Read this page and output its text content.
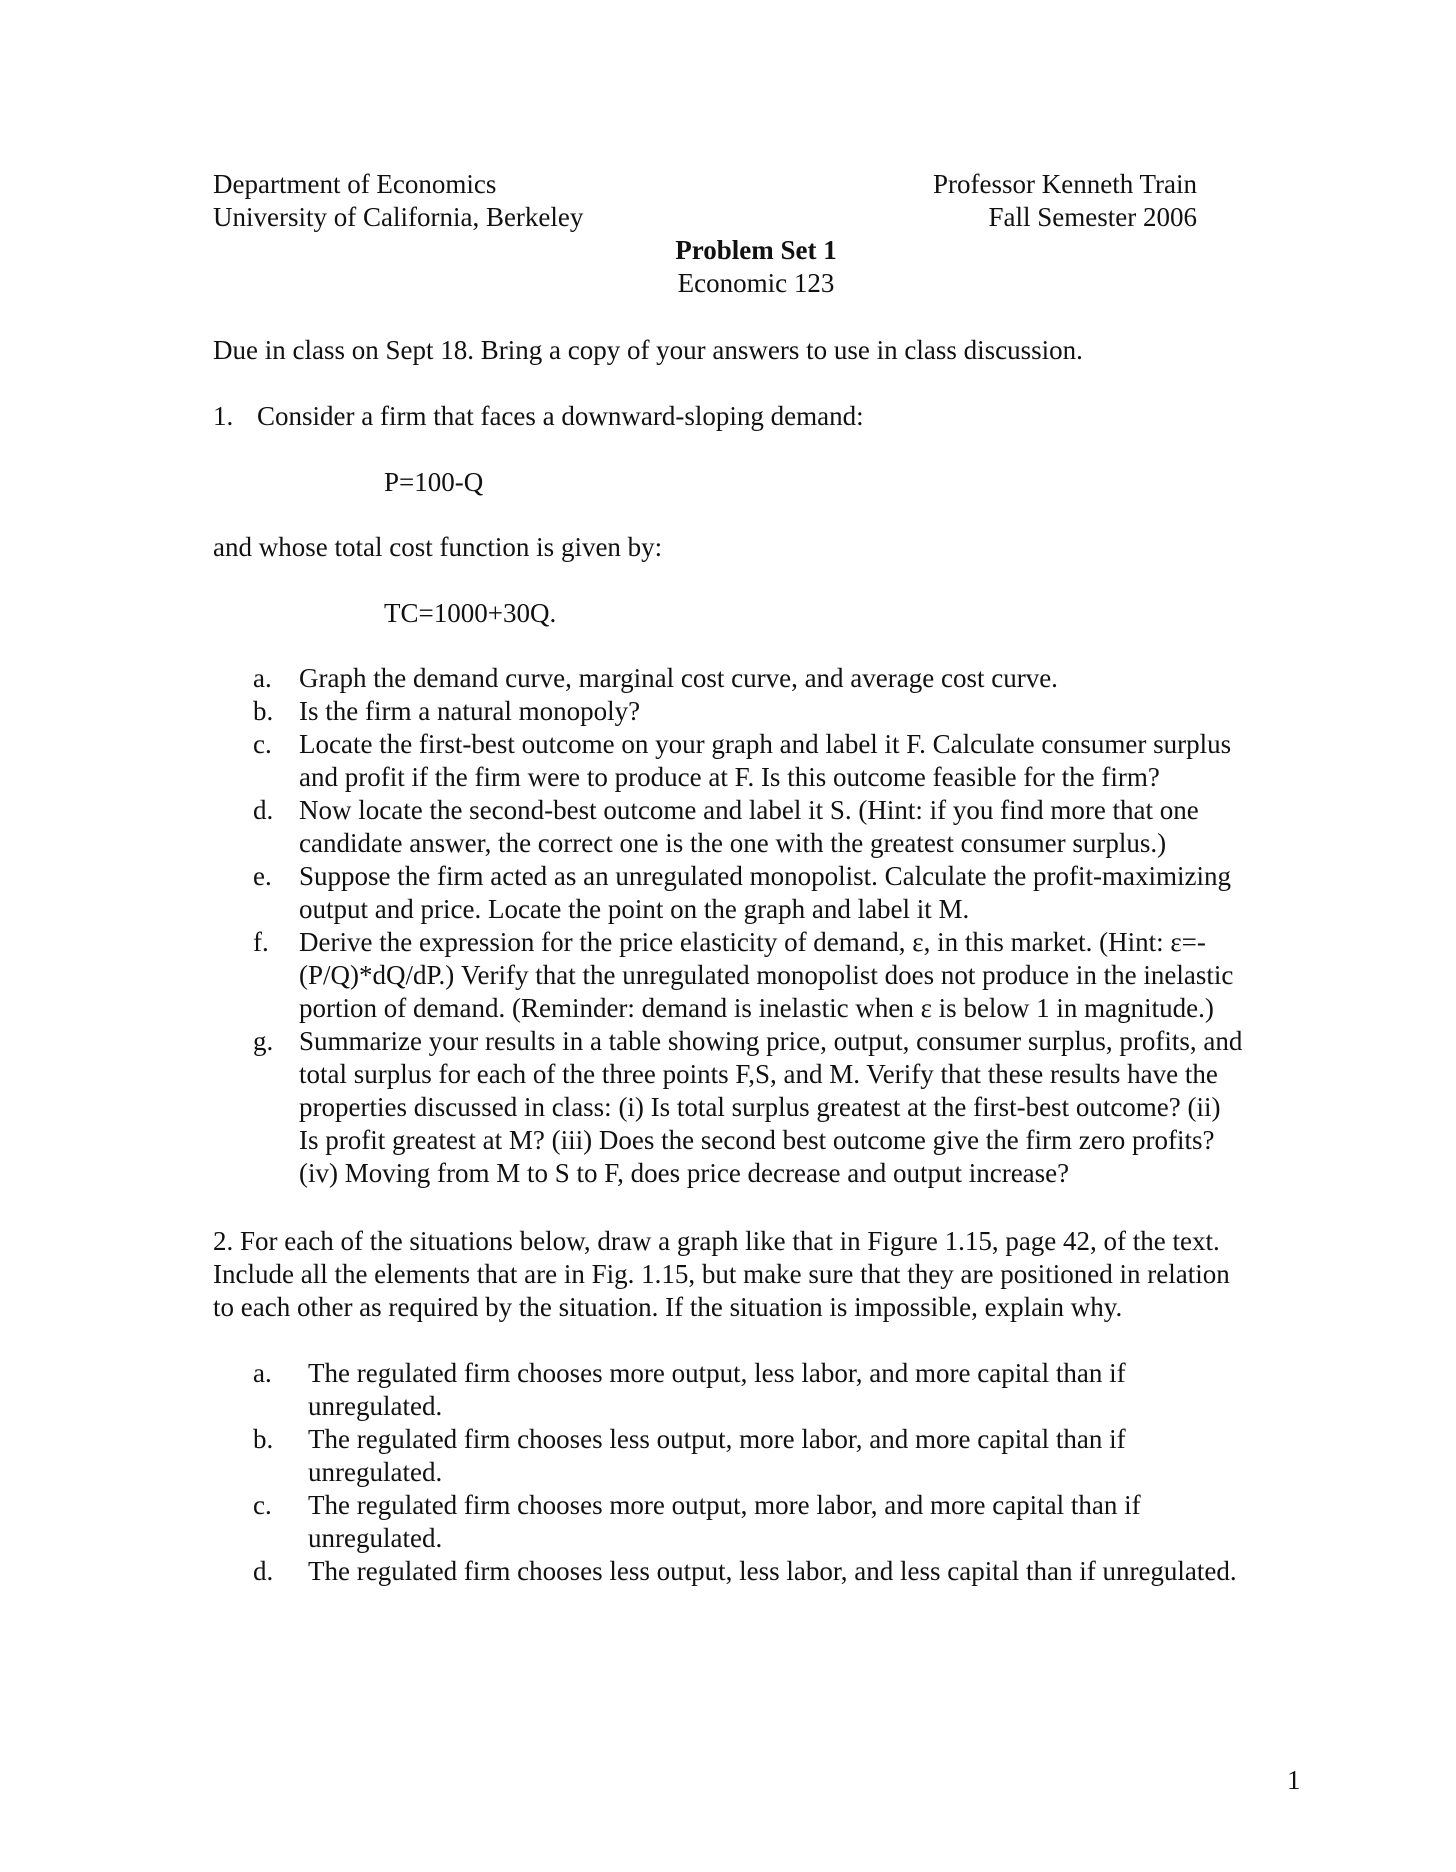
Department of Economics
University of California, Berkeley
Professor Kenneth Train
Fall Semester 2006
Problem Set 1
Economic 123
Due in class on Sept 18. Bring a copy of your answers to use in class discussion.
1. Consider a firm that faces a downward-sloping demand:
P=100-Q
and whose total cost function is given by:
TC=1000+30Q.
a.	Graph the demand curve, marginal cost curve, and average cost curve.
b. Is the firm a natural monopoly?
c.	Locate the first-best outcome on your graph and label it F. Calculate consumer surplus and profit if the firm were to produce at F. Is this outcome feasible for the firm?
d. Now locate the second-best outcome and label it S. (Hint: if you find more that one candidate answer, the correct one is the one with the greatest consumer surplus.)
e.	Suppose the firm acted as an unregulated monopolist. Calculate the profit-maximizing output and price. Locate the point on the graph and label it M.
f.	Derive the expression for the price elasticity of demand, ε, in this market. (Hint: ε=-(P/Q)*dQ/dP.) Verify that the unregulated monopolist does not produce in the inelastic portion of demand. (Reminder: demand is inelastic when ε is below 1 in magnitude.)
g. Summarize your results in a table showing price, output, consumer surplus, profits, and total surplus for each of the three points F,S, and M. Verify that these results have the properties discussed in class: (i) Is total surplus greatest at the first-best outcome? (ii) Is profit greatest at M? (iii) Does the second best outcome give the firm zero profits? (iv) Moving from M to S to F, does price decrease and output increase?
2. For each of the situations below, draw a graph like that in Figure 1.15, page 42, of the text. Include all the elements that are in Fig. 1.15, but make sure that they are positioned in relation to each other as required by the situation. If the situation is impossible, explain why.
a.	The regulated firm chooses more output, less labor, and more capital than if unregulated.
b.	The regulated firm chooses less output, more labor, and more capital than if unregulated.
c.	The regulated firm chooses more output, more labor, and more capital than if unregulated.
d.	The regulated firm chooses less output, less labor, and less capital than if unregulated.
1
